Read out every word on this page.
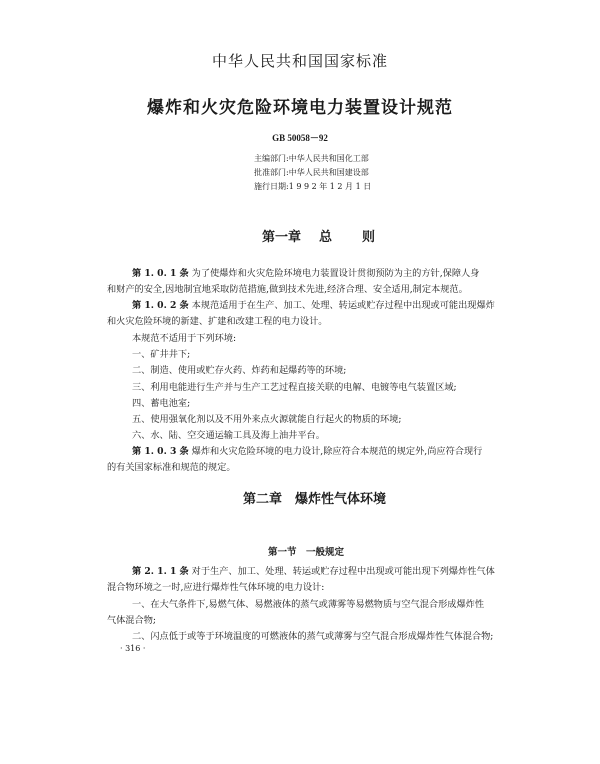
中华人民共和国国家标准
爆炸和火灾危险环境电力装置设计规范
GB 50058－92
主编部门:中华人民共和国化工部
批准部门:中华人民共和国建设部
施行日期:1 9 9 2 年 1 2 月 1 日
第一章 总 则
第 1. 0. 1 条 为了使爆炸和火灾危险环境电力装置设计贯彻预防为主的方针,保障人身
和财产的安全,因地制宜地采取防范措施,做到技术先进,经济合理、安全适用,制定本规范。
第 1. 0. 2 条 本规范适用于在生产、加工、处理、转运或贮存过程中出现或可能出现爆炸
和火灾危险环境的新建、扩建和改建工程的电力设计。
本规范不适用于下列环境:
一、矿井井下;
二、制造、使用或贮存火药、炸药和起爆药等的环境;
三、利用电能进行生产并与生产工艺过程直接关联的电解、电镀等电气装置区域;
四、蓄电池室;
五、使用强氧化剂以及不用外来点火源就能自行起火的物质的环境;
六、水、陆、空交通运输工具及海上油井平台。
第 1. 0. 3 条 爆炸和火灾危险环境的电力设计,除应符合本规范的规定外,尚应符合现行
的有关国家标准和规范的规定。
第二章　爆炸性气体环境
第一节　一般规定
第 2. 1. 1 条 对于生产、加工、处理、转运或贮存过程中出现或可能出现下列爆炸性气体
混合物环境之一时,应进行爆炸性气体环境的电力设计:
一、在大气条件下,易燃气体、易燃液体的蒸气或薄雾等易燃物质与空气混合形成爆炸性
气体混合物;
二、闪点低于或等于环境温度的可燃液体的蒸气或薄雾与空气混合形成爆炸性气体混合物;
· 316 ·
